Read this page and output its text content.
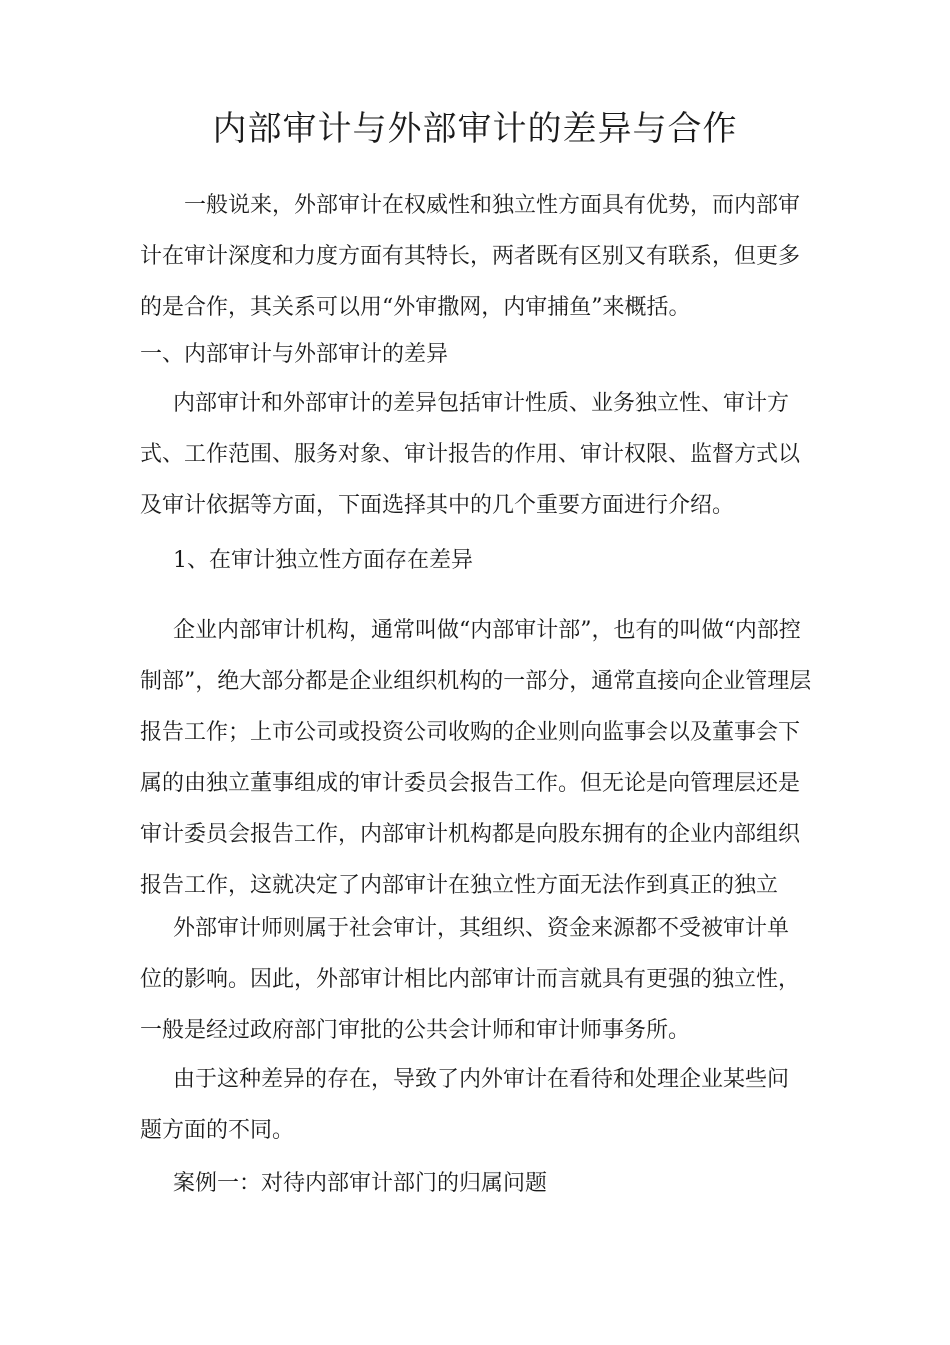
内部审计与外部审计的差异与合作
一般说来，外部审计在权威性和独立性方面具有优势，而内部审
计在审计深度和力度方面有其特长，两者既有区别又有联系，但更多
的是合作，其关系可以用“外审撒网，内审捕鱼”来概括。
一、内部审计与外部审计的差异
内部审计和外部审计的差异包括审计性质、业务独立性、审计方
式、工作范围、服务对象、审计报告的作用、审计权限、监督方式以
及审计依据等方面，下面选择其中的几个重要方面进行介绍。
1、在审计独立性方面存在差异
企业内部审计机构，通常叫做“内部审计部”，也有的叫做“内部控
制部”，绝大部分都是企业组织机构的一部分，通常直接向企业管理层
报告工作；上市公司或投资公司收购的企业则向监事会以及董事会下
属的由独立董事组成的审计委员会报告工作。但无论是向管理层还是
审计委员会报告工作，内部审计机构都是向股东拥有的企业内部组织
报告工作，这就决定了内部审计在独立性方面无法作到真正的独立
外部审计师则属于社会审计，其组织、资金来源都不受被审计单
位的影响。因此，外部审计相比内部审计而言就具有更强的独立性，
一般是经过政府部门审批的公共会计师和审计师事务所。
由于这种差异的存在，导致了内外审计在看待和处理企业某些问
题方面的不同。
案例一：对待内部审计部门的归属问题
